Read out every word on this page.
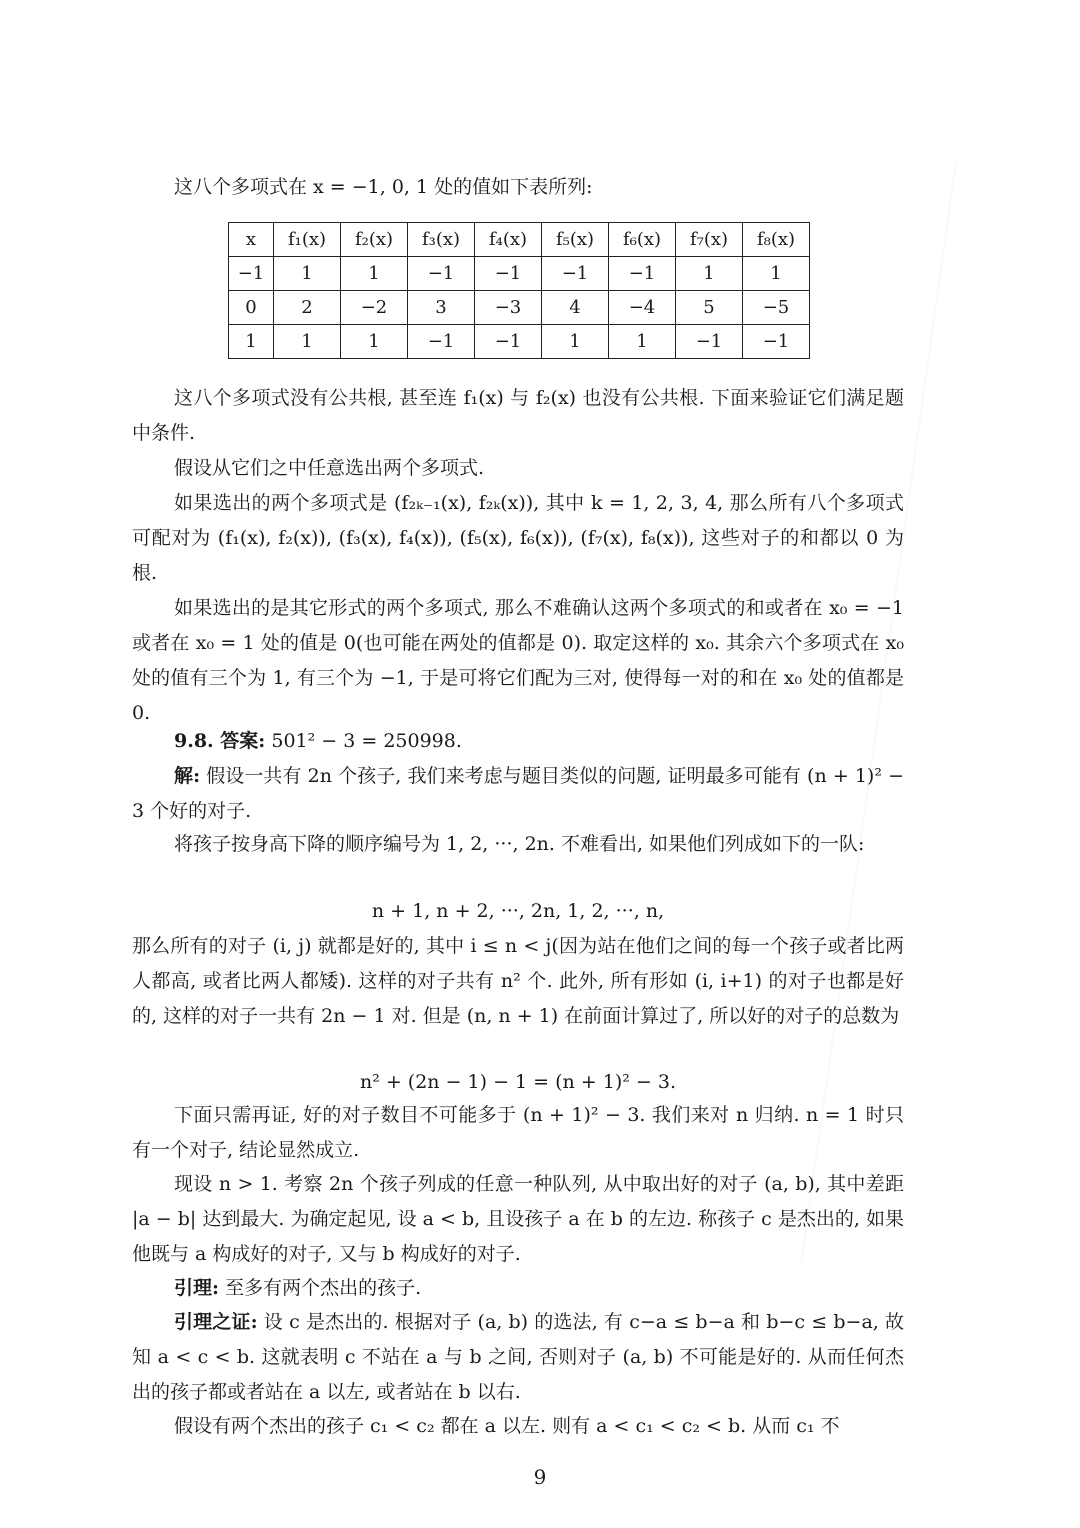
这八个多项式在 x = −1, 0, 1 处的值如下表所列:
x	f₁(x)	f₂(x)	f₃(x)	f₄(x)	f₅(x)	f₆(x)	f₇(x)	f₈(x)
−1	1	1	−1	−1	−1	−1	1	1
0	2	−2	3	−3	4	−4	5	−5
1	1	1	−1	−1	1	1	−1	−1
这八个多项式没有公共根, 甚至连 f₁(x) 与 f₂(x) 也没有公共根. 下面来验证它们满足题中条件.
假设从它们之中任意选出两个多项式.
如果选出的两个多项式是 (f₂ₖ₋₁(x), f₂ₖ(x)), 其中 k = 1, 2, 3, 4, 那么所有八个多项式可配对为 (f₁(x), f₂(x)), (f₃(x), f₄(x)), (f₅(x), f₆(x)), (f₇(x), f₈(x)), 这些对子的和都以 0 为根.
如果选出的是其它形式的两个多项式, 那么不难确认这两个多项式的和或者在 x₀ = −1 或者在 x₀ = 1 处的值是 0(也可能在两处的值都是 0). 取定这样的 x₀. 其余六个多项式在 x₀ 处的值有三个为 1, 有三个为 −1, 于是可将它们配为三对, 使得每一对的和在 x₀ 处的值都是 0.
9.8. 答案: 501² − 3 = 250998.
解: 假设一共有 2n 个孩子, 我们来考虑与题目类似的问题, 证明最多可能有 (n + 1)² − 3 个好的对子.
将孩子按身高下降的顺序编号为 1, 2, ···, 2n. 不难看出, 如果他们列成如下的一队:
n + 1, n + 2, ···, 2n, 1, 2, ···, n,
那么所有的对子 (i, j) 就都是好的, 其中 i ≤ n < j(因为站在他们之间的每一个孩子或者比两人都高, 或者比两人都矮). 这样的对子共有 n² 个. 此外, 所有形如 (i, i+1) 的对子也都是好的, 这样的对子一共有 2n − 1 对. 但是 (n, n + 1) 在前面计算过了, 所以好的对子的总数为
n² + (2n − 1) − 1 = (n + 1)² − 3.
下面只需再证, 好的对子数目不可能多于 (n + 1)² − 3. 我们来对 n 归纳. n = 1 时只有一个对子, 结论显然成立.
现设 n > 1. 考察 2n 个孩子列成的任意一种队列, 从中取出好的对子 (a, b), 其中差距 |a − b| 达到最大. 为确定起见, 设 a < b, 且设孩子 a 在 b 的左边. 称孩子 c 是杰出的, 如果他既与 a 构成好的对子, 又与 b 构成好的对子.
引理: 至多有两个杰出的孩子.
引理之证: 设 c 是杰出的. 根据对子 (a, b) 的选法, 有 c−a ≤ b−a 和 b−c ≤ b−a, 故知 a < c < b. 这就表明 c 不站在 a 与 b 之间, 否则对子 (a, b) 不可能是好的. 从而任何杰出的孩子都或者站在 a 以左, 或者站在 b 以右.
假设有两个杰出的孩子 c₁ < c₂ 都在 a 以左. 则有 a < c₁ < c₂ < b. 从而 c₁ 不
9
